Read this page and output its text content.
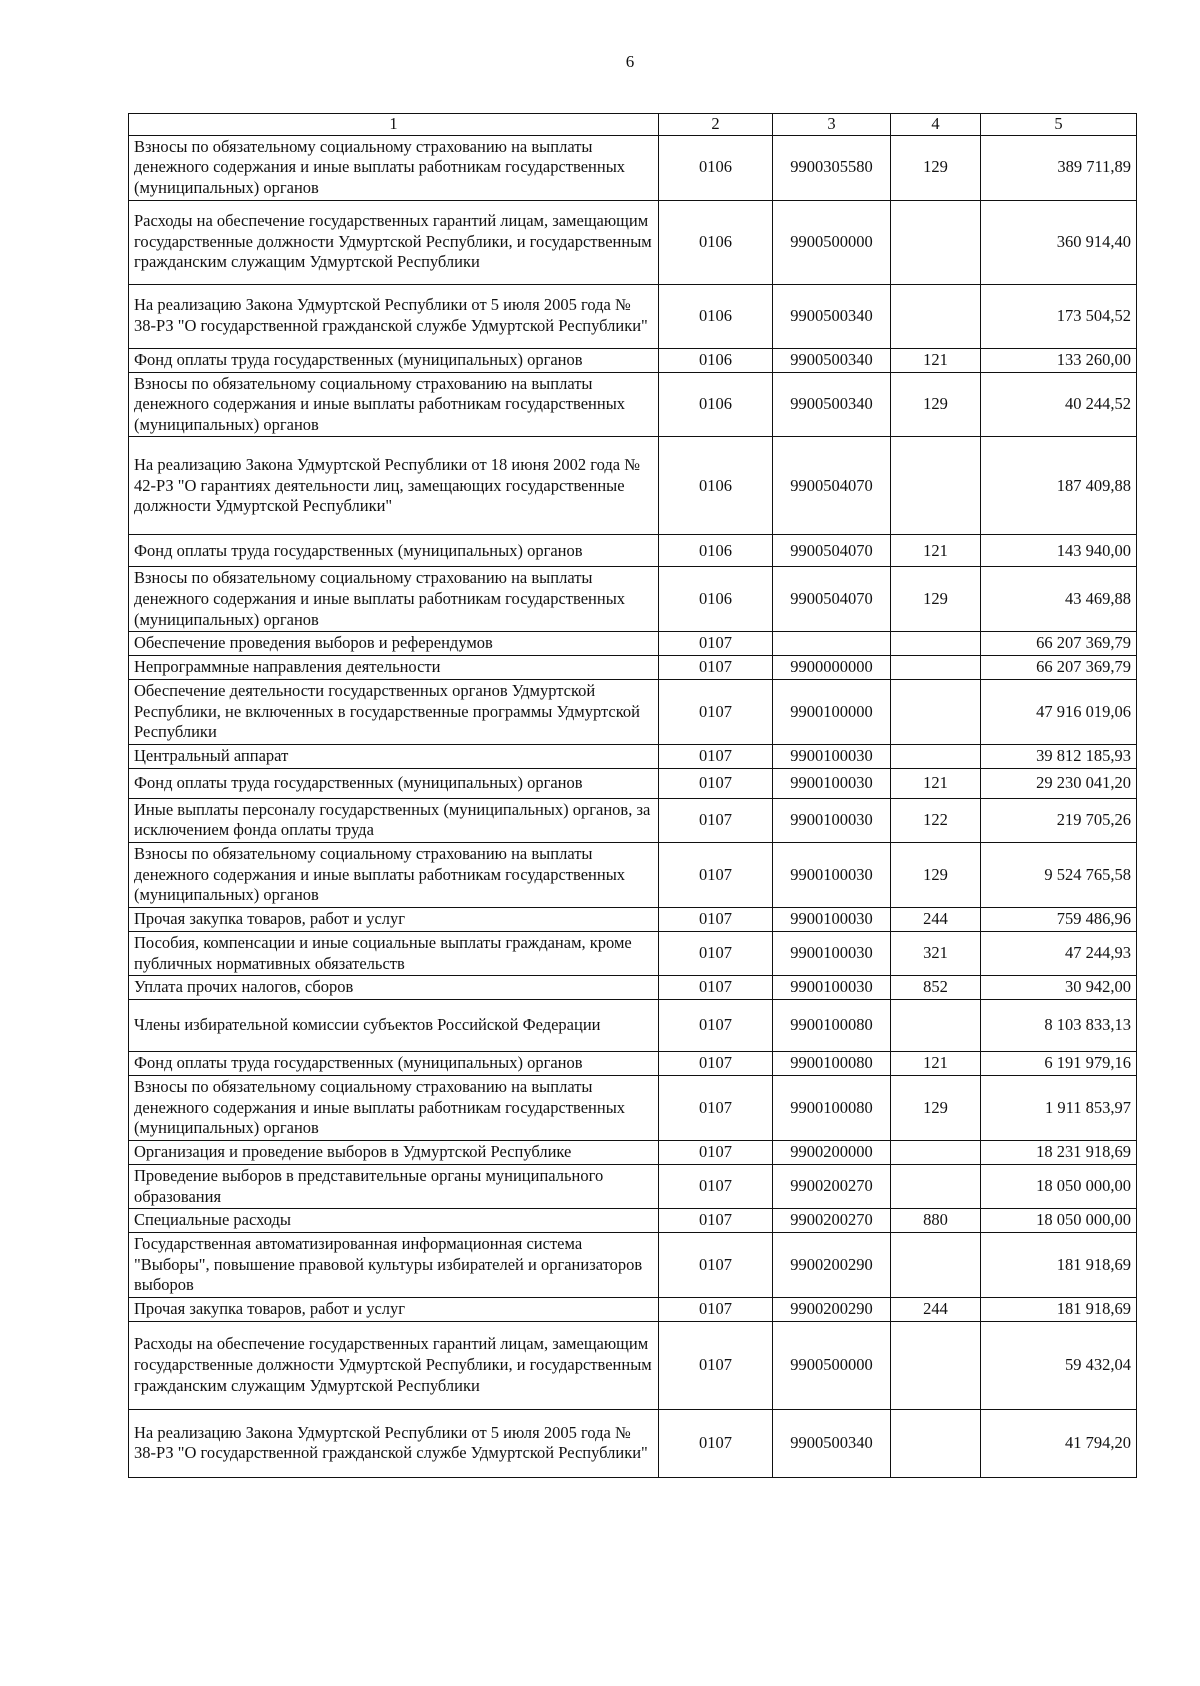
6
1	2	3	4	5
Взносы по обязательному социальному страхованию на выплаты денежного содержания и иные выплаты работникам государственных (муниципальных) органов	0106	9900305580	129	389 711,89
Расходы на обеспечение государственных гарантий лицам, замещающим государственные должности Удмуртской Республики, и государственным гражданским служащим Удмуртской Республики	0106	9900500000		360 914,40
На реализацию Закона Удмуртской Республики от 5 июля 2005 года № 38-РЗ "О государственной гражданской службе Удмуртской Республики"	0106	9900500340		173 504,52
Фонд оплаты труда государственных (муниципальных) органов	0106	9900500340	121	133 260,00
Взносы по обязательному социальному страхованию на выплаты денежного содержания и иные выплаты работникам государственных (муниципальных) органов	0106	9900500340	129	40 244,52
На реализацию Закона Удмуртской Республики от 18 июня 2002 года № 42-РЗ "О гарантиях деятельности лиц, замещающих государственные должности Удмуртской Республики"	0106	9900504070		187 409,88
Фонд оплаты труда государственных (муниципальных) органов	0106	9900504070	121	143 940,00
Взносы по обязательному социальному страхованию на выплаты денежного содержания и иные выплаты работникам государственных (муниципальных) органов	0106	9900504070	129	43 469,88
Обеспечение проведения выборов и референдумов	0107			66 207 369,79
Непрограммные направления деятельности	0107	9900000000		66 207 369,79
Обеспечение деятельности государственных органов Удмуртской Республики, не включенных в государственные программы Удмуртской Республики	0107	9900100000		47 916 019,06
Центральный аппарат	0107	9900100030		39 812 185,93
Фонд оплаты труда государственных (муниципальных) органов	0107	9900100030	121	29 230 041,20
Иные выплаты персоналу государственных (муниципальных) органов, за исключением фонда оплаты труда	0107	9900100030	122	219 705,26
Взносы по обязательному социальному страхованию на выплаты денежного содержания и иные выплаты работникам государственных (муниципальных) органов	0107	9900100030	129	9 524 765,58
Прочая закупка товаров, работ и услуг	0107	9900100030	244	759 486,96
Пособия, компенсации и иные социальные выплаты гражданам, кроме публичных нормативных обязательств	0107	9900100030	321	47 244,93
Уплата прочих налогов, сборов	0107	9900100030	852	30 942,00
Члены избирательной комиссии субъектов Российской Федерации	0107	9900100080		8 103 833,13
Фонд оплаты труда государственных (муниципальных) органов	0107	9900100080	121	6 191 979,16
Взносы по обязательному социальному страхованию на выплаты денежного содержания и иные выплаты работникам государственных (муниципальных) органов	0107	9900100080	129	1 911 853,97
Организация и проведение выборов в Удмуртской Республике	0107	9900200000		18 231 918,69
Проведение выборов в представительные органы муниципального образования	0107	9900200270		18 050 000,00
Специальные расходы	0107	9900200270	880	18 050 000,00
Государственная автоматизированная информационная система "Выборы", повышение правовой культуры избирателей и организаторов выборов	0107	9900200290		181 918,69
Прочая закупка товаров, работ и услуг	0107	9900200290	244	181 918,69
Расходы на обеспечение государственных гарантий лицам, замещающим государственные должности Удмуртской Республики, и государственным гражданским служащим Удмуртской Республики	0107	9900500000		59 432,04
На реализацию Закона Удмуртской Республики от 5 июля 2005 года № 38-РЗ "О государственной гражданской службе Удмуртской Республики"	0107	9900500340		41 794,20
